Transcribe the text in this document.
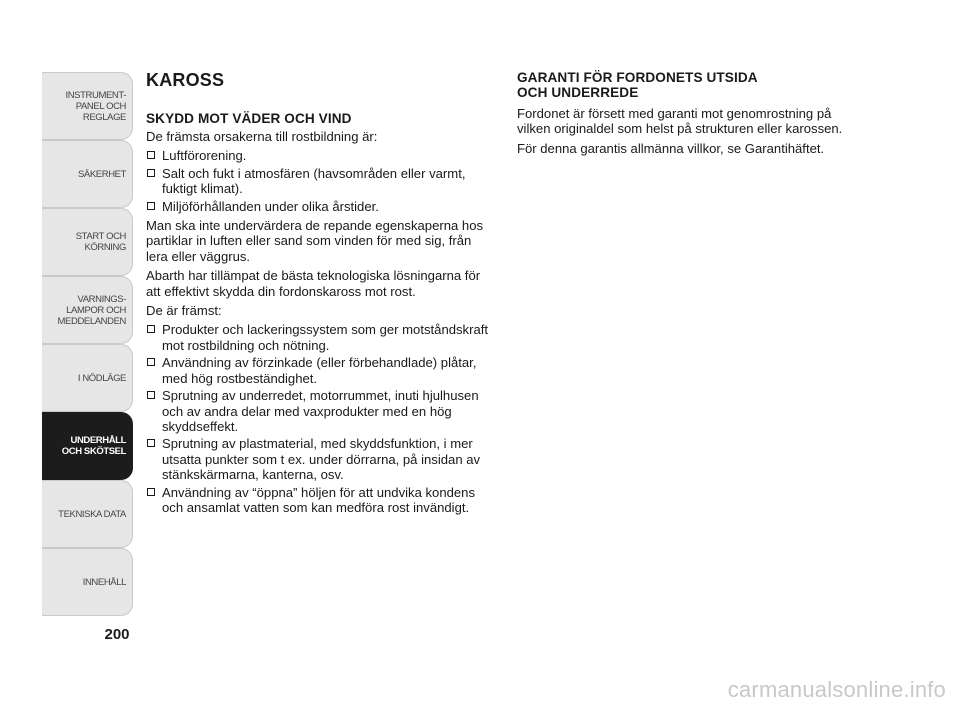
INSTRUMENT-
PANEL OCH
REGLAGE
SÄKERHET
START OCH
KÖRNING
VARNINGS-
LAMPOR OCH
MEDDELANDEN
I NÖDLÄGE
UNDERHÅLL
OCH SKÖTSEL
TEKNISKA DATA
INNEHÅLL
200
KAROSS
SKYDD MOT VÄDER OCH VIND

De främsta orsakerna till rostbildning är:

Luftförorening.
Salt och fukt i atmosfären (havsområden eller varmt, fuktigt klimat).
Miljöförhållanden under olika årstider.

Man ska inte undervärdera de repande egenskaperna hos partiklar in luften eller sand som vinden för med sig, från lera eller väggrus.

Abarth har tillämpat de bästa teknologiska lösningarna för att effektivt skydda din fordonskaross mot rost.

De är främst:

Produkter och lackeringssystem som ger motståndskraft mot rostbildning och nötning.
Användning av förzinkade (eller förbehandlade) plåtar, med hög rostbeständighet.
Sprutning av underredet, motorrummet, inuti hjulhusen och av andra delar med vaxprodukter med en hög skyddseffekt.
Sprutning av plastmaterial, med skyddsfunktion, i mer utsatta punkter som t ex. under dörrarna, på insidan av stänkskärmarna, kanterna, osv.
Användning av “öppna” höljen för att undvika kondens och ansamlat vatten som kan medföra rost invändigt.
GARANTI FÖR FORDONETS UTSIDA
OCH UNDERREDE

Fordonet är försett med garanti mot genomrostning på vilken originaldel som helst på strukturen eller karossen.

För denna garantis allmänna villkor, se Garantihäftet.

carmanualsonline.info
